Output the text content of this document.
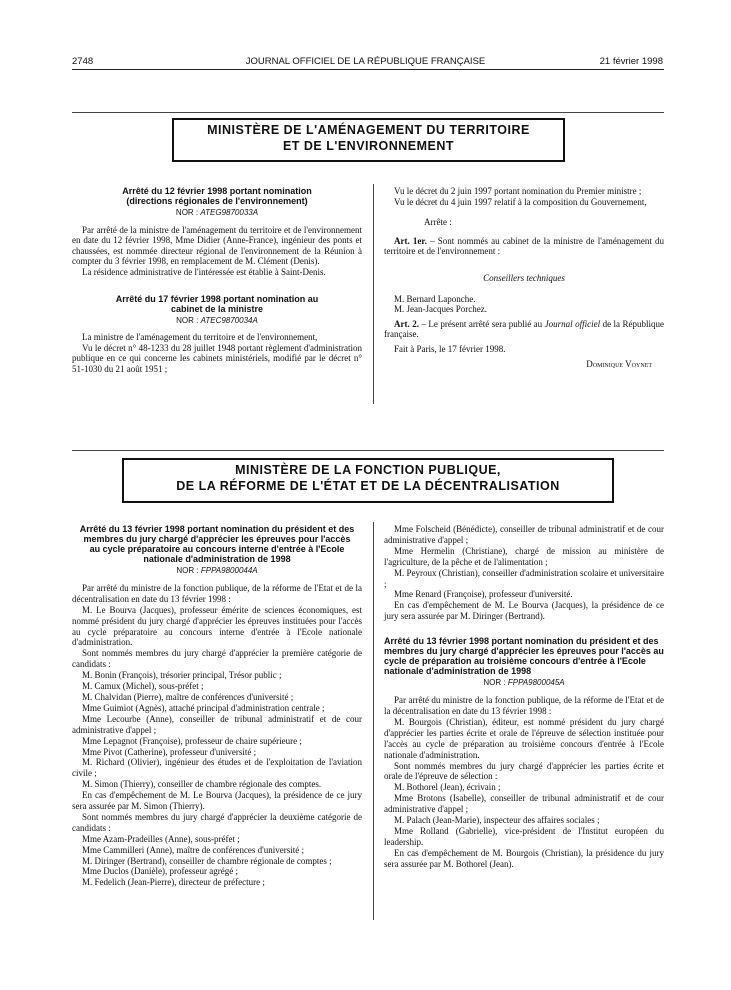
2748	JOURNAL OFFICIEL DE LA RÉPUBLIQUE FRANÇAISE	21 février 1998
MINISTÈRE DE L'AMÉNAGEMENT DU TERRITOIRE
ET DE L'ENVIRONNEMENT
Arrêté du 12 février 1998 portant nomination (directions régionales de l'environnement)
NOR : ATEG9870033A

Par arrêté de la ministre de l'aménagement du territoire et de l'environnement en date du 12 février 1998, Mme Didier (Anne-France), ingénieur des ponts et chaussées, est nommée directeur régional de l'environnement de la Réunion à compter du 3 février 1998, en remplacement de M. Clément (Denis).

La résidence administrative de l'intéressée est établie à Saint-Denis.

Arrêté du 17 février 1998 portant nomination au cabinet de la ministre
NOR : ATEC9870034A

La ministre de l'aménagement du territoire et de l'environnement,

Vu le décret n° 48-1233 du 28 juillet 1948 portant règlement d'administration publique en ce qui concerne les cabinets ministériels, modifié par le décret n° 51-1030 du 21 août 1951 ;

Vu le décret du 2 juin 1997 portant nomination du Premier ministre ;

Vu le décret du 4 juin 1997 relatif à la composition du Gouvernement,

Arrête :

Art. 1er. – Sont nommés au cabinet de la ministre de l'aménagement du territoire et de l'environnement :

Conseillers techniques

M. Bernard Laponche.

M. Jean-Jacques Porchez.

Art. 2. – Le présent arrêté sera publié au Journal officiel de la République française.

Fait à Paris, le 17 février 1998.

Dominique Voynet

MINISTÈRE DE LA FONCTION PUBLIQUE,
DE LA RÉFORME DE L'ÉTAT ET DE LA DÉCENTRALISATION
Arrêté du 13 février 1998 portant nomination du président et des membres du jury chargé d'apprécier les épreuves pour l'accès au cycle préparatoire au concours interne d'entrée à l'Ecole nationale d'administration de 1998
NOR : FPPA9800044A

Par arrêté du ministre de la fonction publique, de la réforme de l'Etat et de la décentralisation en date du 13 février 1998 :

M. Le Bourva (Jacques), professeur émérite de sciences économiques, est nommé président du jury chargé d'apprécier les épreuves instituées pour l'accès au cycle préparatoire au concours interne d'entrée à l'Ecole nationale d'administration.

Sont nommés membres du jury chargé d'apprécier la première catégorie de candidats :

M. Bonin (François), trésorier principal, Trésor public ;

M. Camux (Michel), sous-préfet ;

M. Chalvidan (Pierre), maître de conférences d'université ;

Mme Guimiot (Agnès), attaché principal d'administration centrale ;

Mme Lecourbe (Anne), conseiller de tribunal administratif et de cour administrative d'appel ;

Mme Lepagnot (Françoise), professeur de chaire supérieure ;

Mme Pivot (Catherine), professeur d'université ;

M. Richard (Olivier), ingénieur des études et de l'exploitation de l'aviation civile ;

M. Simon (Thierry), conseiller de chambre régionale des comptes.

En cas d'empêchement de M. Le Bourva (Jacques), la présidence de ce jury sera assurée par M. Simon (Thierry).

Sont nommés membres du jury chargé d'apprécier la deuxième catégorie de candidats :

Mme Azam-Pradeilles (Anne), sous-préfet ;

Mme Cammilleri (Anne), maître de conférences d'université ;

M. Diringer (Bertrand), conseiller de chambre régionale de comptes ;

Mme Duclos (Danièle), professeur agrégé ;

M. Fedelich (Jean-Pierre), directeur de préfecture ;

Mme Folscheid (Bénédicte), conseiller de tribunal administratif et de cour administrative d'appel ;

Mme Hermelin (Christiane), chargé de mission au ministère de l'agriculture, de la pêche et de l'alimentation ;

M. Peyroux (Christian), conseiller d'administration scolaire et universitaire ;

Mme Renard (Françoise), professeur d'université.

En cas d'empêchement de M. Le Bourva (Jacques), la présidence de ce jury sera assurée par M. Diringer (Bertrand).

Arrêté du 13 février 1998 portant nomination du président et des membres du jury chargé d'apprécier les épreuves pour l'accès au cycle de préparation au troisième concours d'entrée à l'Ecole nationale d'administration de 1998
NOR : FPPA9800045A

Par arrêté du ministre de la fonction publique, de la réforme de l'Etat et de la décentralisation en date du 13 février 1998 :

M. Bourgois (Christian), éditeur, est nommé président du jury chargé d'apprécier les parties écrite et orale de l'épreuve de sélection instituée pour l'accès au cycle de préparation au troisième concours d'entrée à l'Ecole nationale d'administration.

Sont nommés membres du jury chargé d'apprécier les parties écrite et orale de l'épreuve de sélection :

M. Bothorel (Jean), écrivain ;

Mme Brotons (Isabelle), conseiller de tribunal administratif et de cour administrative d'appel ;

M. Palach (Jean-Marie), inspecteur des affaires sociales ;

Mme Rolland (Gabrielle), vice-président de l'Institut européen du leadership.

En cas d'empêchement de M. Bourgois (Christian), la présidence du jury sera assurée par M. Bothorel (Jean).
